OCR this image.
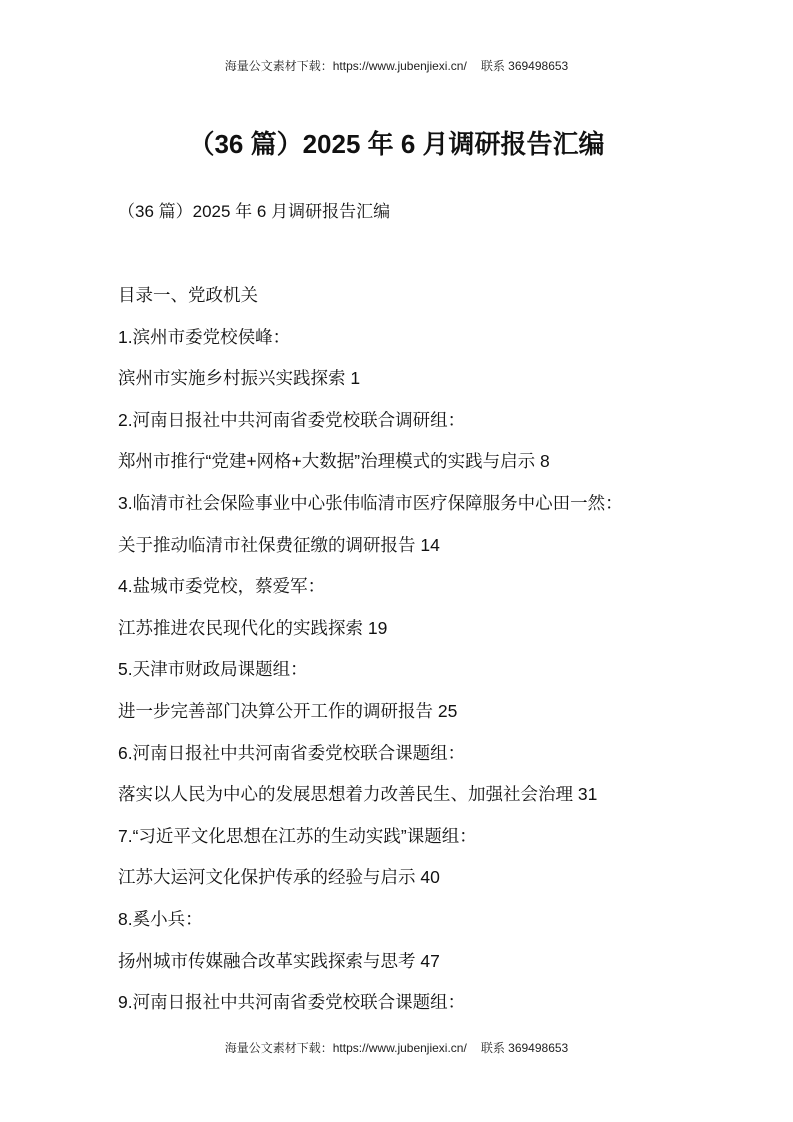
海量公文素材下载：https://www.jubenjiexi.cn/ 联系 369498653
（36 篇）2025 年 6 月调研报告汇编
（36 篇）2025 年 6 月调研报告汇编
目录一、党政机关
1.滨州市委党校侯峰：
滨州市实施乡村振兴实践探索 1
2.河南日报社中共河南省委党校联合调研组：
郑州市推行“党建+网格+大数据”治理模式的实践与启示 8
3.临清市社会保险事业中心张伟临清市医疗保障服务中心田一然：
关于推动临清市社保费征缴的调研报告 14
4.盐城市委党校，蔡爱军：
江苏推进农民现代化的实践探索 19
5.天津市财政局课题组：
进一步完善部门决算公开工作的调研报告 25
6.河南日报社中共河南省委党校联合课题组：
落实以人民为中心的发展思想着力改善民生、加强社会治理 31
7.“习近平文化思想在江苏的生动实践”课题组：
江苏大运河文化保护传承的经验与启示 40
8.奚小兵：
扬州城市传媒融合改革实践探索与思考 47
9.河南日报社中共河南省委党校联合课题组：
海量公文素材下载：https://www.jubenjiexi.cn/ 联系 369498653
